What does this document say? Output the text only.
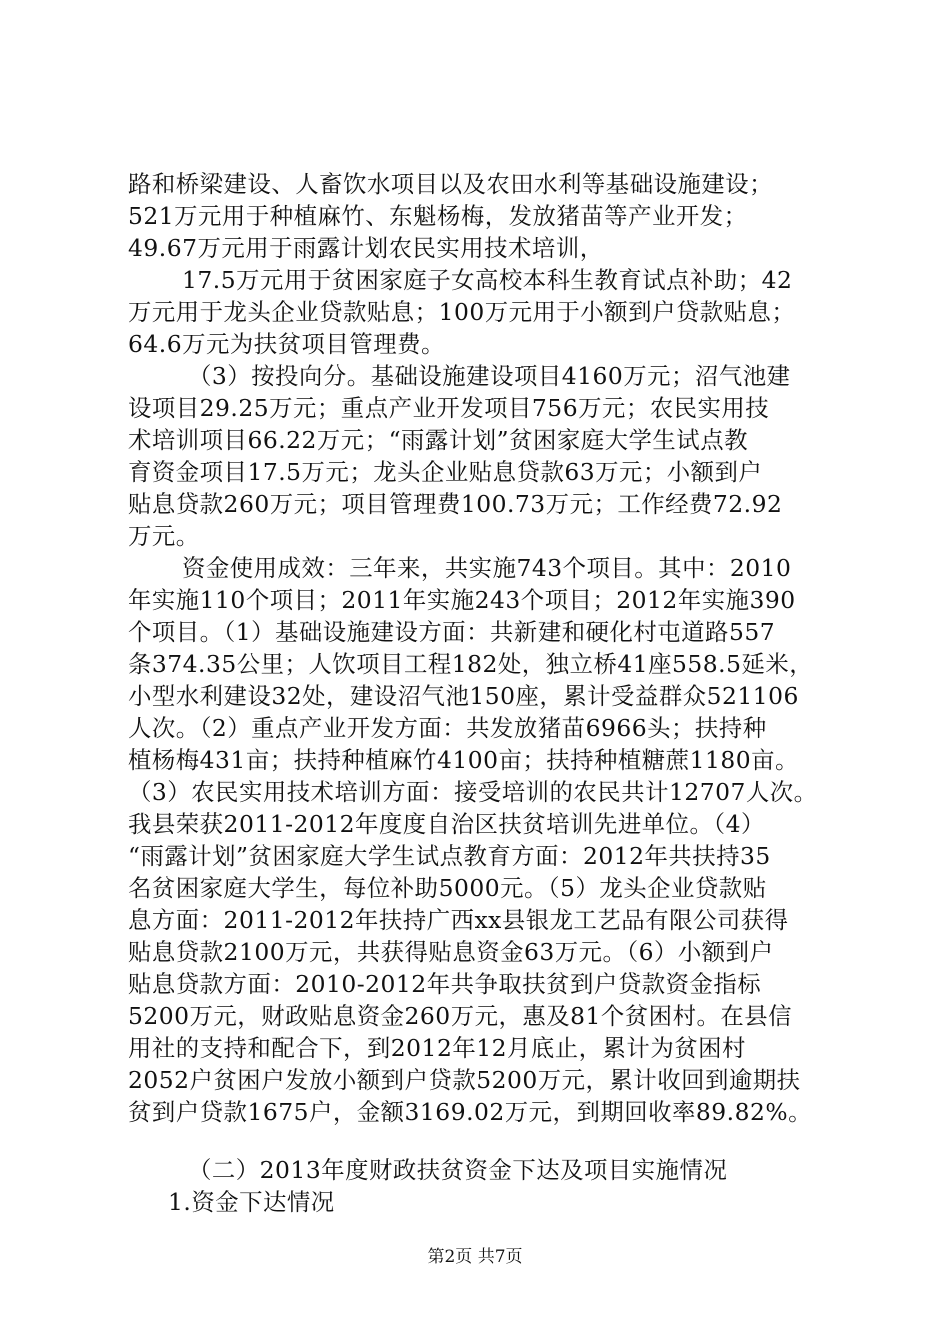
路和桥梁建设、人畜饮水项目以及农田水利等基础设施建设；

521万元用于种植麻竹、东魁杨梅，发放猪苗等产业开发；

49.67万元用于雨露计划农民实用技术培训，

17.5万元用于贫困家庭子女高校本科生教育试点补助；42

万元用于龙头企业贷款贴息；100万元用于小额到户贷款贴息；

64.6万元为扶贫项目管理费。

（3）按投向分。基础设施建设项目4160万元；沼气池建

设项目29.25万元；重点产业开发项目756万元；农民实用技

术培训项目66.22万元；“雨露计划”贫困家庭大学生试点教

育资金项目17.5万元；龙头企业贴息贷款63万元；小额到户

贴息贷款260万元；项目管理费100.73万元；工作经费72.92

万元。

资金使用成效：三年来，共实施743个项目。其中：2010

年实施110个项目；2011年实施243个项目；2012年实施390

个项目。（1）基础设施建设方面：共新建和硬化村屯道路557

条374.35公里；人饮项目工程182处，独立桥41座558.5延米，

小型水利建设32处，建设沼气池150座，累计受益群众521106

人次。（2）重点产业开发方面：共发放猪苗6966头；扶持种

植杨梅431亩；扶持种植麻竹4100亩；扶持种植糖蔗1180亩。

（3）农民实用技术培训方面：接受培训的农民共计12707人次。

我县荣获2011-2012年度度自治区扶贫培训先进单位。（4）

“雨露计划”贫困家庭大学生试点教育方面：2012年共扶持35

名贫困家庭大学生，每位补助5000元。（5）龙头企业贷款贴

息方面：2011-2012年扶持广西xx县银龙工艺品有限公司获得

贴息贷款2100万元，共获得贴息资金63万元。（6）小额到户

贴息贷款方面：2010-2012年共争取扶贫到户贷款资金指标

5200万元，财政贴息资金260万元，惠及81个贫困村。在县信

用社的支持和配合下，到2012年12月底止，累计为贫困村

2052户贫困户发放小额到户贷款5200万元，累计收回到逾期扶

贫到户贷款1675户，金额3169.02万元，到期回收率89.82%。

（二）2013年度财政扶贫资金下达及项目实施情况

1.资金下达情况

第2页 共7页
